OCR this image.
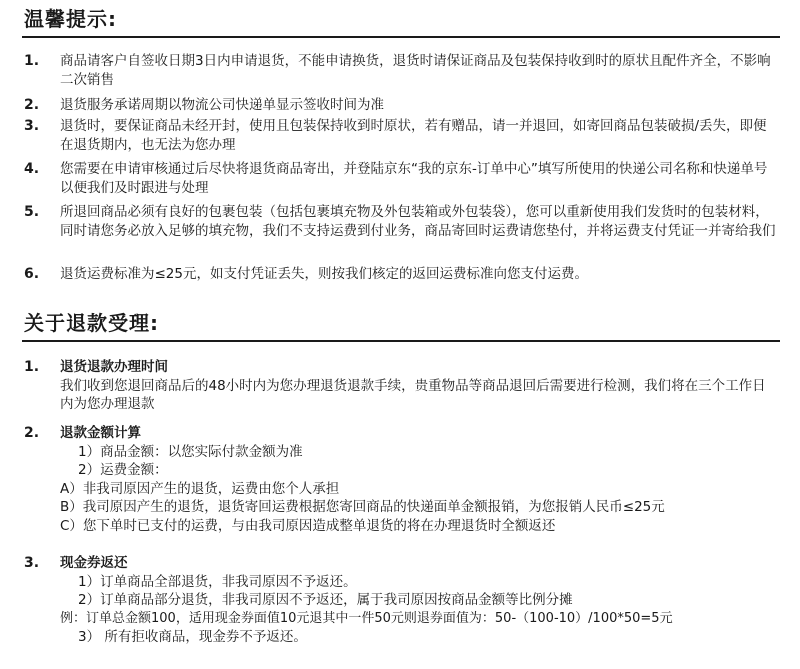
温馨提示:
1. 商品请客户自签收日期3日内申请退货，不能申请换货，退货时请保证商品及包装保持收到时的原状且配件齐全，不影响二次销售
2. 退货服务承诺周期以物流公司快递单显示签收时间为准
3. 退货时，要保证商品未经开封，使用且包装保持收到时原状，若有赠品，请一并退回，如寄回商品包装破损/丢失，即便在退货期内，也无法为您办理
4. 您需要在申请审核通过后尽快将退货商品寄出，并登陆京东“我的京东-订单中心”填写所使用的快递公司名称和快递单号以便我们及时跟进与处理
5. 所退回商品必须有良好的包裹包装（包括包裹填充物及外包装箱或外包装袋），您可以重新使用我们发货时的包装材料，同时请您务必放入足够的填充物，我们不支持运费到付业务，商品寄回时运费请您垫付，并将运费支付凭证一并寄给我们
6. 退货运费标准为≤25元，如支付凭证丢失，则按我们核定的返回运费标准向您支付运费。
关于退款受理:
1. 退货退款办理时间
我们收到您退回商品后的48小时内为您办理退货退款手续，贵重物品等商品退回后需要进行检测，我们将在三个工作日内为您办理退款
2. 退款金额计算
1）商品金额：以您实际付款金额为准
2）运费金额：
A）非我司原因产生的退货，运费由您个人承担
B）我司原因产生的退货，退货寄回运费根据您寄回商品的快递面单金额报销，为您报销人民币≤25元
C）您下单时已支付的运费，与由我司原因造成整单退货的将在办理退货时全额返还
3. 现金券返还
1）订单商品全部退货，非我司原因不予返还。
2）订单商品部分退货，非我司原因不予返还，属于我司原因按商品金额等比例分摊
例：订单总金额100，适用现金券面值10元退其中一件50元则退券面值为：50-（100-10）/100*50=5元
3） 所有拒收商品，现金券不予返还。
